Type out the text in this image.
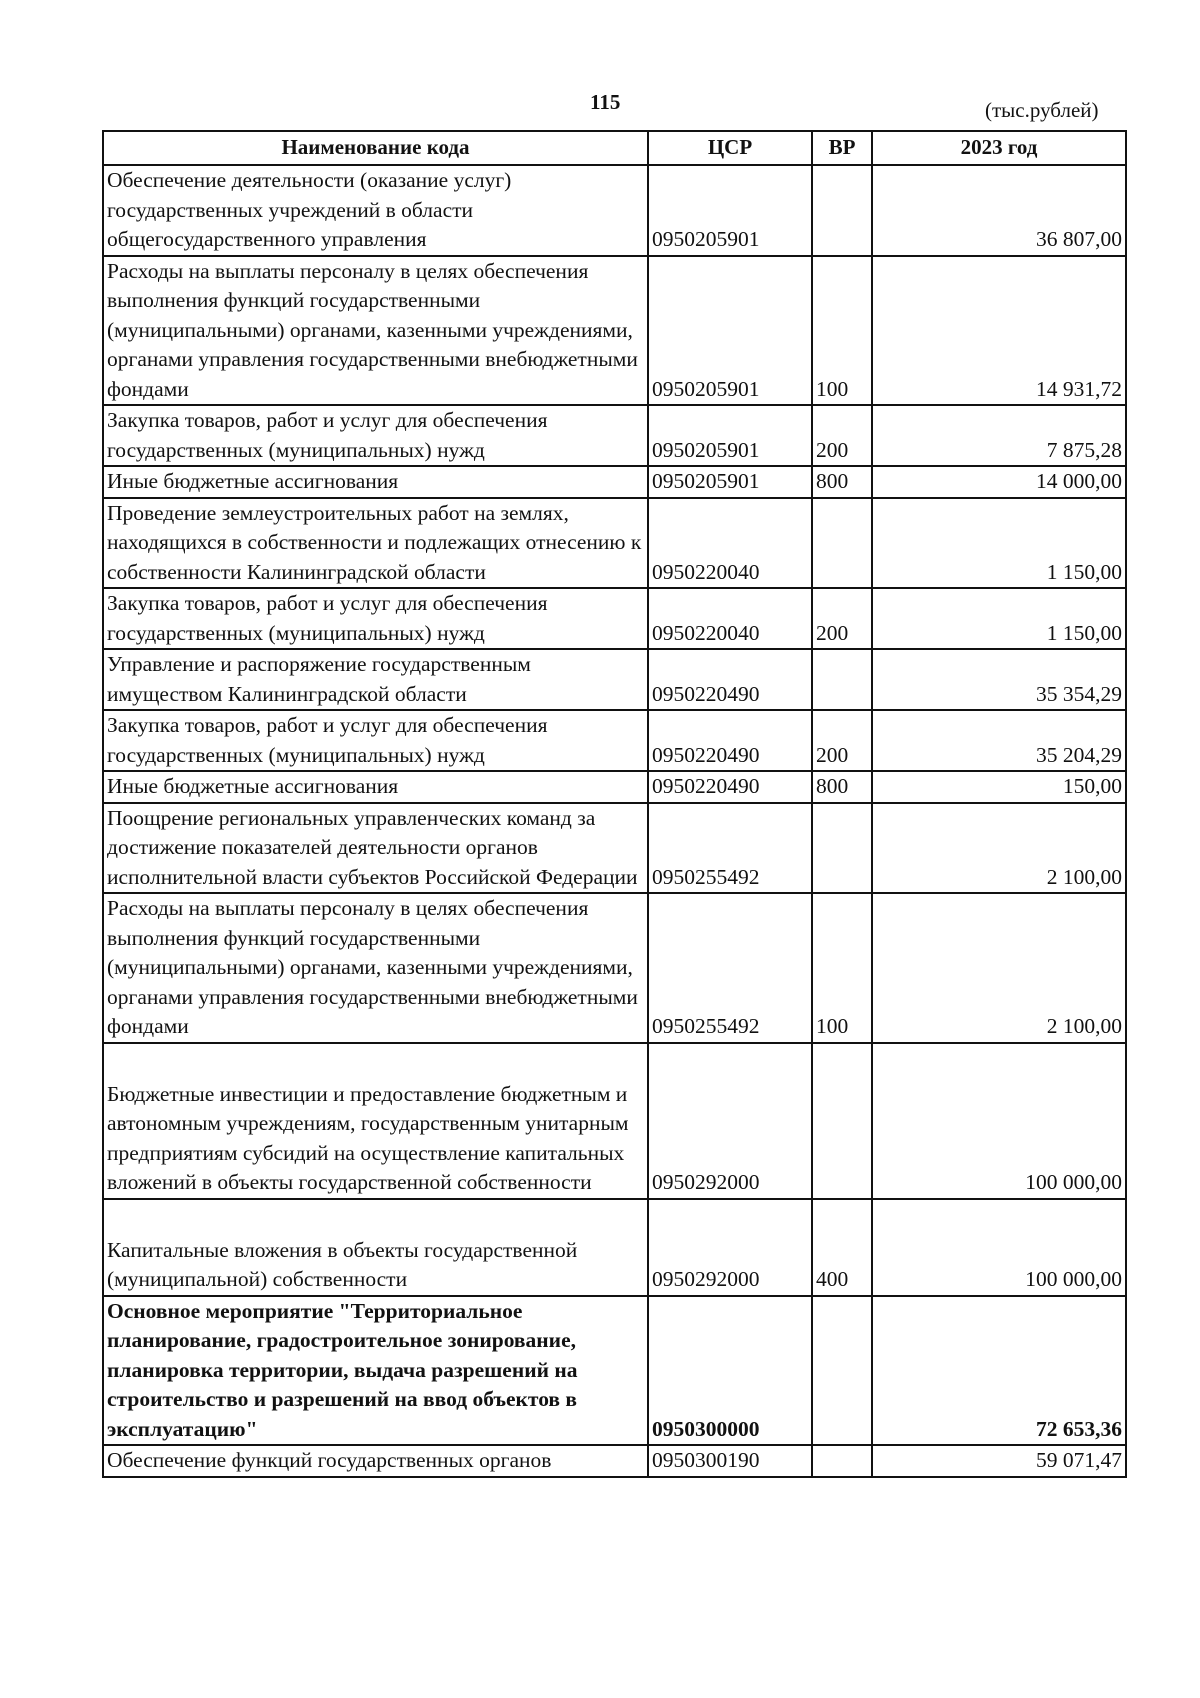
115	(тыс.рублей)
Наименование кода	ЦСР	ВР	2023 год
Обеспечение деятельности (оказание услуг) государственных учреждений в области общегосударственного управления	0950205901		36 807,00
Расходы на выплаты персоналу в целях обеспечения выполнения функций государственными (муниципальными) органами, казенными учреждениями, органами управления государственными внебюджетными фондами	0950205901	100	14 931,72
Закупка товаров, работ и услуг для обеспечения государственных (муниципальных) нужд	0950205901	200	7 875,28
Иные бюджетные ассигнования	0950205901	800	14 000,00
Проведение землеустроительных работ на землях, находящихся в собственности и подлежащих отнесению к собственности Калининградской области	0950220040		1 150,00
Закупка товаров, работ и услуг для обеспечения государственных (муниципальных) нужд	0950220040	200	1 150,00
Управление и распоряжение государственным имуществом Калининградской области	0950220490		35 354,29
Закупка товаров, работ и услуг для обеспечения государственных (муниципальных) нужд	0950220490	200	35 204,29
Иные бюджетные ассигнования	0950220490	800	150,00
Поощрение региональных управленческих команд за достижение показателей деятельности органов исполнительной власти субъектов Российской Федерации	0950255492		2 100,00
Расходы на выплаты персоналу в целях обеспечения выполнения функций государственными (муниципальными) органами, казенными учреждениями, органами управления государственными внебюджетными фондами	0950255492	100	2 100,00
Бюджетные инвестиции и предоставление бюджетным и автономным учреждениям, государственным унитарным предприятиям субсидий на осуществление капитальных вложений в объекты государственной собственности	0950292000		100 000,00
Капитальные вложения в объекты государственной (муниципальной) собственности	0950292000	400	100 000,00
Основное мероприятие "Территориальное планирование, градостроительное зонирование, планировка территории, выдача разрешений на строительство и разрешений на ввод объектов в эксплуатацию"	0950300000		72 653,36
Обеспечение функций государственных органов	0950300190		59 071,47
